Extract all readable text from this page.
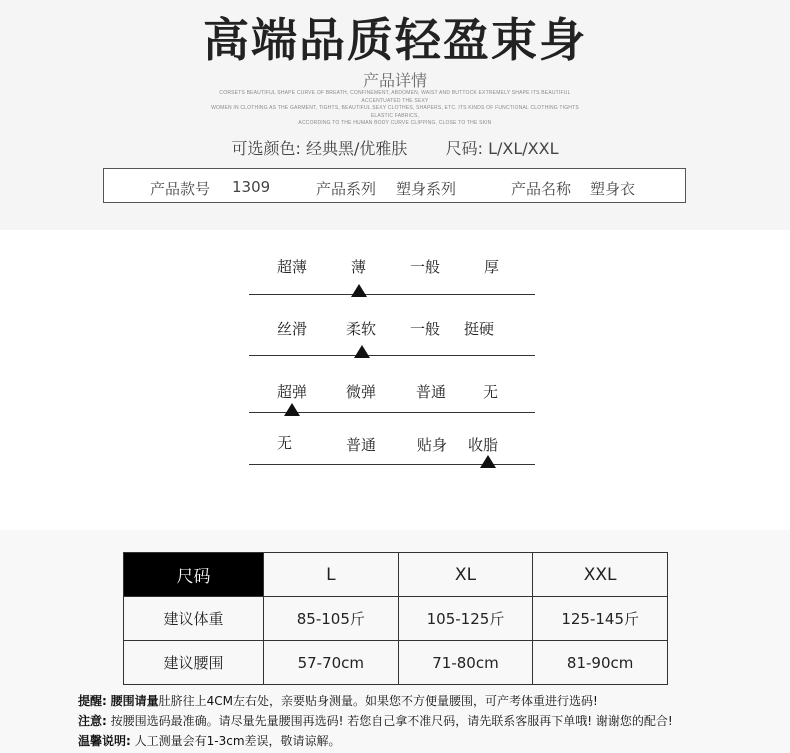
高端品质轻盈束身
产品详情
CORSETS BEAUTIFUL SHAPE CURVE OF BREATH, CONFINEMENT, ABDOMEN, WAIST AND BUTTOCK EXTREMELY SHAPE ITS BEAUTIFUL ACCENTUATED THE SEXY
WOMEN IN CLOTHING AS THE GARMENT, TIGHTS, BEAUTIFUL SEXY CLOTHES, SHAPERS, ETC. ITS KINDS OF FUNCTIONAL CLOTHING TIGHTS ELASTIC FABRICS,
ACCORDING TO THE HUMAN BODY CURVE CLIPPING, CLOSE TO THE SKIN
可选颜色: 经典黑/优雅肤 尺码: L/XL/XXL
产品款号 1309	产品系列 塑身系列	产品名称 塑身衣
超薄	薄	一般	厚
丝滑	柔软 一般 挺硬
超弹	微弹	普通 无
无	普通	贴身 收脂
尺码	L	XL	XXL
建议体重	85-105斤	105-125斤	125-145斤
建议腰围	57-70cm	71-80cm	81-90cm
提醒: 腰围请量肚脐往上4CM左右处，亲要贴身测量。如果您不方便量腰围，可产考体重进行选码!
注意: 按腰围选码最准确。请尽量先量腰围再选码! 若您自己拿不准尺码，请先联系客服再下单哦! 谢谢您的配合!
温馨说明: 人工测量会有1-3cm差误，敬请谅解。
